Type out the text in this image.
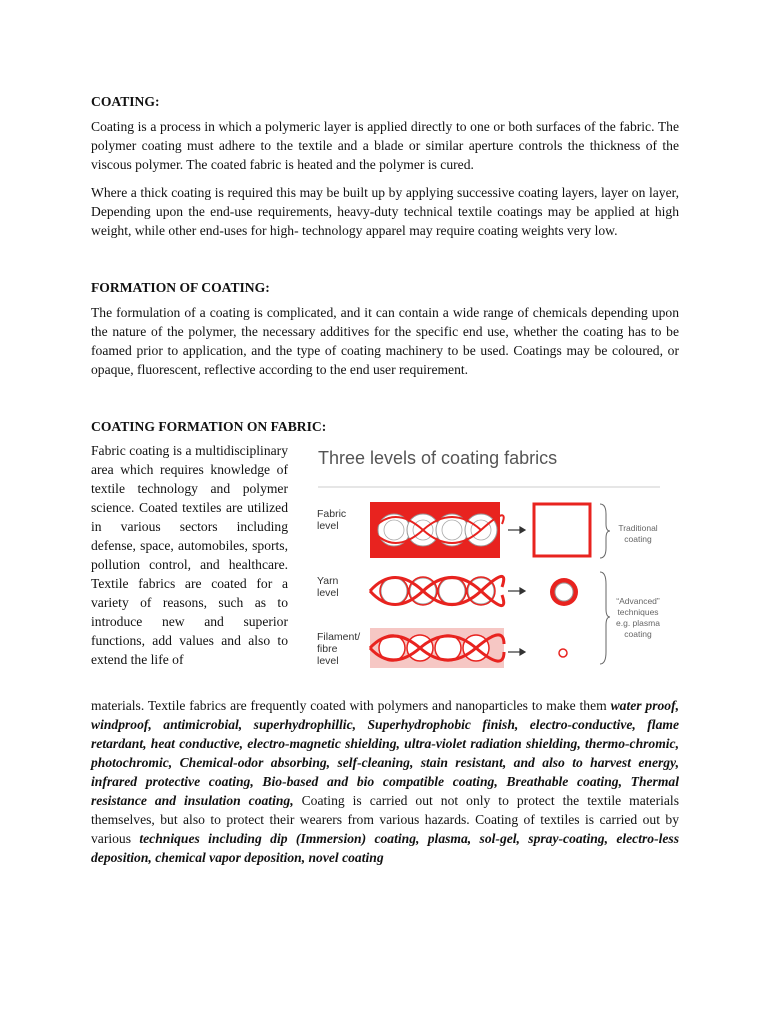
COATING:

Coating is a process in which a polymeric layer is applied directly to one or both surfaces of the fabric. The polymer coating must adhere to the textile and a blade or similar aperture controls the thickness of the viscous polymer. The coated fabric is heated and the polymer is cured.

Where a thick coating is required this may be built up by applying successive coating layers, layer on layer, Depending upon the end-use requirements, heavy-duty technical textile coatings may be applied at high weight, while other end-uses for high- technology apparel may require coating weights very low.

FORMATION OF COATING:

The formulation of a coating is complicated, and it can contain a wide range of chemicals depending upon the nature of the polymer, the necessary additives for the specific end use, whether the coating has to be foamed prior to application, and the type of coating machinery to be used. Coatings may be coloured, or opaque, fluorescent, reflective according to the end user requirement.

COATING FORMATION ON FABRIC:

Fabric coating is a multidisciplinary area which requires knowledge of textile technology and polymer science. Coated textiles are utilized in various sectors including defense, space, automobiles, sports, pollution control, and healthcare. Textile fabrics are coated for a variety of reasons, such as to introduce new and superior functions, add values and also to extend the life of

Three levels of coating fabrics
Fabric
level
Yarn
level
Filament/
fibre
level
Traditional
coating
“Advanced”
techniques
e.g. plasma
coating

materials. Textile fabrics are frequently coated with polymers and nanoparticles to make them water proof, windproof, antimicrobial, superhydrophillic, Superhydrophobic finish, electro-conductive, flame retardant, heat conductive, electro-magnetic shielding, ultra-violet radiation shielding, thermo-chromic, photochromic, Chemical-odor absorbing, self-cleaning, stain resistant, and also to harvest energy, infrared protective coating, Bio-based and bio compatible coating, Breathable coating, Thermal resistance and insulation coating, Coating is carried out not only to protect the textile materials themselves, but also to protect their wearers from various hazards. Coating of textiles is carried out by various techniques including dip (Immersion) coating, plasma, sol-gel, spray-coating, electro-less deposition, chemical vapor deposition, novel coating
